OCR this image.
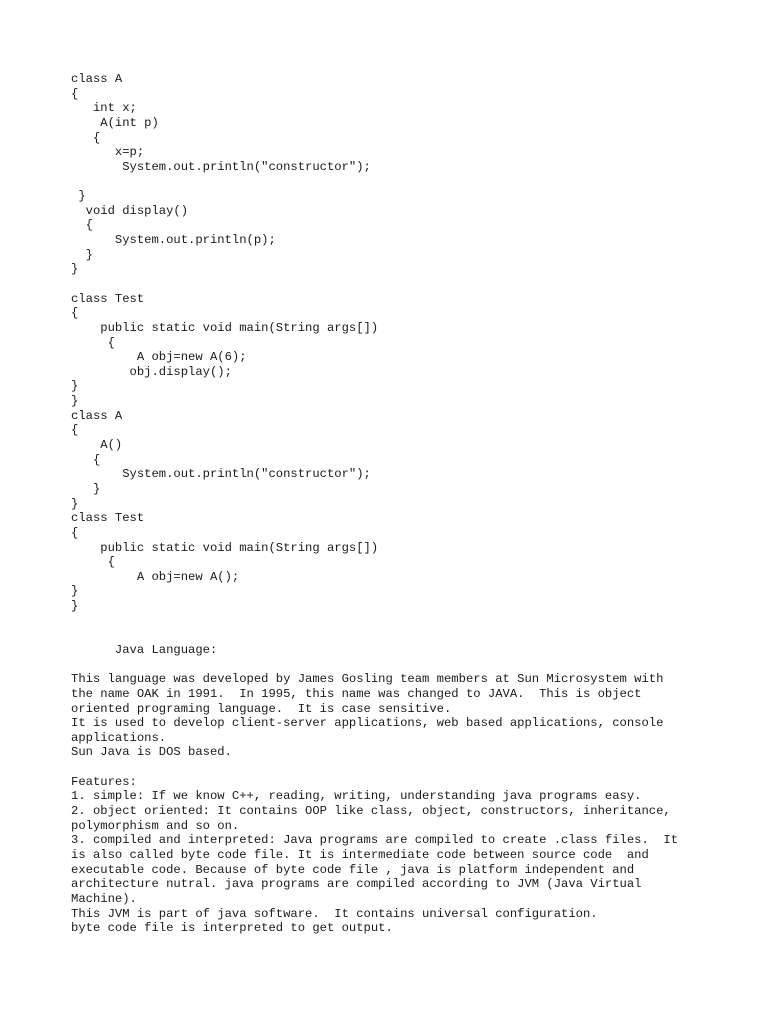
class A
{
int x;
A(int p)
{
x=p;
System.out.println("constructor");
}
void display()
{
System.out.println(p);
}
}
class Test
{
public static void main(String args[])
{
A obj=new A(6);
obj.display();
}
}
class A
{
A()
{
System.out.println("constructor");
}
}
class Test
{
public static void main(String args[])
{
A obj=new A();
}
}
Java Language:
This language was developed by James Gosling team members at Sun Microsystem with
the name OAK in 1991.  In 1995, this name was changed to JAVA.  This is object
oriented programing language.  It is case sensitive.
It is used to develop client-server applications, web based applications, console
applications.
Sun Java is DOS based.
Features:
1. simple: If we know C++, reading, writing, understanding java programs easy.
2. object oriented: It contains OOP like class, object, constructors, inheritance,
polymorphism and so on.
3. compiled and interpreted: Java programs are compiled to create .class files.  It
is also called byte code file. It is intermediate code between source code  and
executable code. Because of byte code file , java is platform independent and
architecture nutral. java programs are compiled according to JVM (Java Virtual
Machine).
This JVM is part of java software.  It contains universal configuration.
byte code file is interpreted to get output.
